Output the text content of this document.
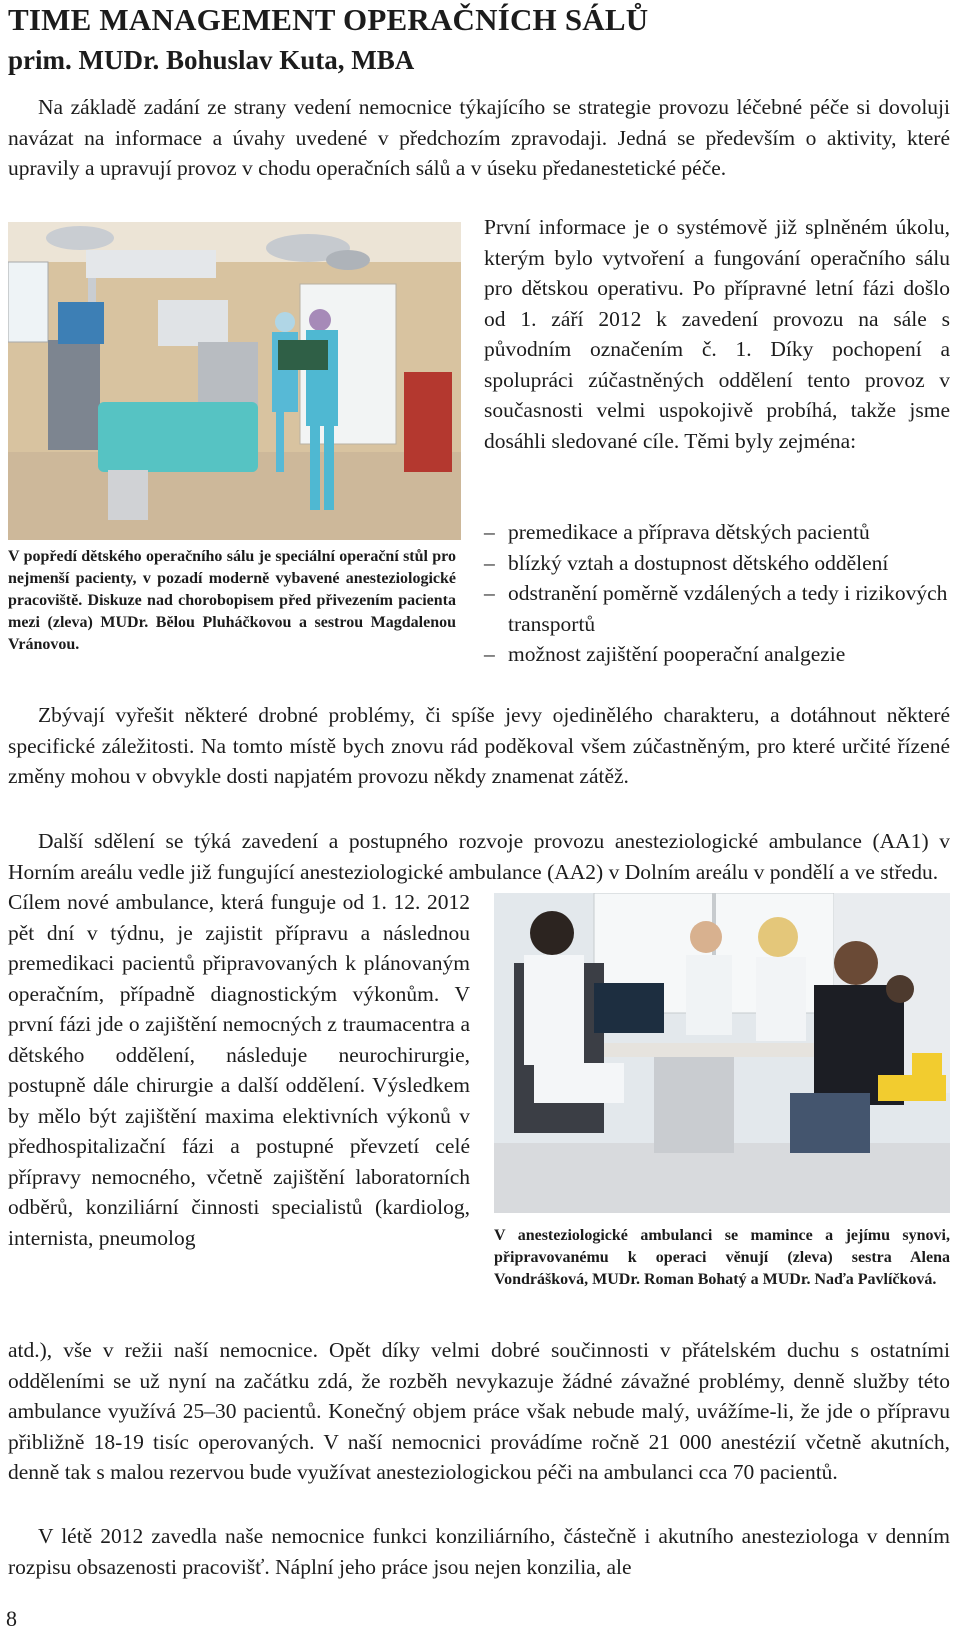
TIME MANAGEMENT OPERAČNÍCH SÁLŮ
prim. MUDr. Bohuslav Kuta, MBA

Na základě zadání ze strany vedení nemocnice týkajícího se strategie provozu léčebné péče si dovoluji navázat na informace a úvahy uvedené v předchozím zpravodaji. Jedná se především o aktivity, které upravily a upravují provoz v chodu operačních sálů a v úseku předanestetické péče.

V popředí dětského operačního sálu je speciální operační stůl pro nejmenší pacienty, v pozadí moderně vybavené anesteziologické pracoviště. Diskuze nad chorobopisem před přivezením pacienta mezi (zleva) MUDr. Bělou Pluháčkovou a sestrou Magdalenou Vránovou.

První informace je o systémově již splněném úkolu, kterým bylo vytvoření a fungování operačního sálu pro dětskou operativu. Po přípravné letní fázi došlo od 1. září 2012 k zavedení provozu na sále s původním označením č. 1. Díky pochopení a spolupráci zúčastněných oddělení tento provoz v současnosti velmi uspokojivě probíhá, takže jsme dosáhli sledované cíle. Těmi byly zejména:

– premedikace a příprava dětských pacientů
– blízký vztah a dostupnost dětského oddělení
– odstranění poměrně vzdálených a tedy i rizikových transportů
– možnost zajištění pooperační analgezie

Zbývají vyřešit některé drobné problémy, či spíše jevy ojedinělého charakteru, a dotáhnout některé specifické záležitosti. Na tomto místě bych znovu rád poděkoval všem zúčastněným, pro které určité řízené změny mohou v obvykle dosti napjatém provozu někdy znamenat zátěž.

Další sdělení se týká zavedení a postupného rozvoje provozu anesteziologické ambulance (AA1) v Horním areálu vedle již fungující anesteziologické ambulance (AA2) v Dolním areálu v pondělí a ve středu.

Cílem nové ambulance, která funguje od 1. 12. 2012 pět dní v týdnu, je zajistit přípravu a následnou premedikaci pacientů připravovaných k plánovaným operačním, případně diagnostickým výkonům. V první fázi jde o zajištění nemocných z traumacentra a dětského oddělení, následuje neurochirurgie, postupně dále chirurgie a další oddělení. Výsledkem by mělo být zajištění maxima elektivních výkonů v předhospitalizační fázi a postupné převzetí celé přípravy nemocného, včetně zajištění laboratorních odběrů, konziliární činnosti specialistů (kardiolog, internista, pneumolog	V anesteziologické ambulanci se mamince a jejímu synovi, připravovanému k operaci věnují (zleva) sestra Alena Vondrášková, MUDr. Roman Bohatý a MUDr. Naďa Pavlíčková.

atd.), vše v režii naší nemocnice. Opět díky velmi dobré součinnosti v přátelském duchu s ostatními odděleními se už nyní na začátku zdá, že rozběh nevykazuje žádné závažné problémy, denně služby této ambulance využívá 25–30 pacientů. Konečný objem práce však nebude malý, uvážíme-li, že jde o přípravu přibližně 18-19 tisíc operovaných. V naší nemocnici provádíme ročně 21 000 anestézií včetně akutních, denně tak s malou rezervou bude využívat anesteziologickou péči na ambulanci cca 70 pacientů.

V létě 2012 zavedla naše nemocnice funkci konziliárního, částečně i akutního anesteziologa v denním rozpisu obsazenosti pracovišť. Náplní jeho práce jsou nejen konzilia, ale

8
